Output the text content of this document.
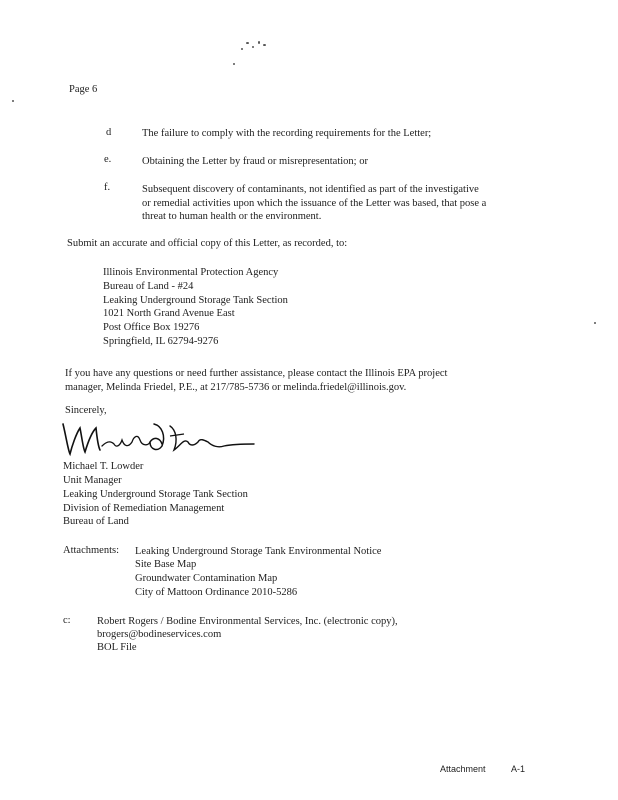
Page 6
d	The failure to comply with the recording requirements for the Letter;
e.	Obtaining the Letter by fraud or misrepresentation; or
f.	Subsequent discovery of contaminants, not identified as part of the investigative
or remedial activities upon which the issuance of the Letter was based, that pose a
threat to human health or the environment.
Submit an accurate and official copy of this Letter, as recorded, to:
Illinois Environmental Protection Agency
Bureau of Land - #24
Leaking Underground Storage Tank Section
1021 North Grand Avenue East
Post Office Box 19276
Springfield, IL 62794-9276
If you have any questions or need further assistance, please contact the Illinois EPA project
manager, Melinda Friedel, P.E., at 217/785-5736 or melinda.friedel@illinois.gov.
Sincerely,
Michael T. Lowder
Unit Manager
Leaking Underground Storage Tank Section
Division of Remediation Management
Bureau of Land
Attachments: Leaking Underground Storage Tank Environmental Notice
Site Base Map
Groundwater Contamination Map
City of Mattoon Ordinance 2010-5286
c:	Robert Rogers / Bodine Environmental Services, Inc. (electronic copy),
brogers@bodineservices.com
BOL File
Attachment	A-1
